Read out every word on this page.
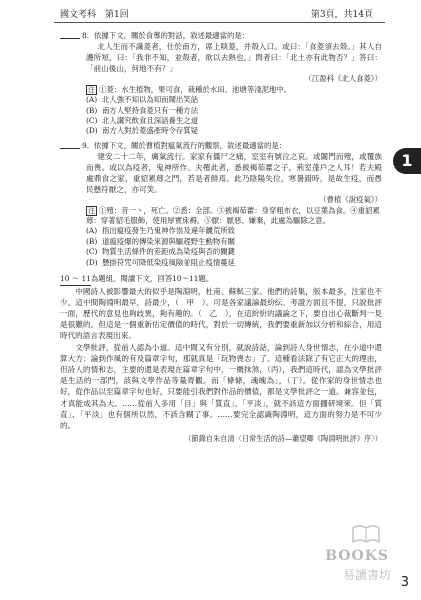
國文考科　第1回	第3頁，共14頁
1
8. 依據下文，關於食蓴的對話，敘述最適當的是：
北人生而不識菱者，仕於南方，席上啖菱，并殼入口。或曰：「食菱須去殼。」其人自護所短，曰：「我非不知，並殼者，欲以去熱也。」問者曰：「北土亦有此物否？」答曰：「前山後山，何地不有？」
（江盈科《北人食菱》）
注 ①菱：水生植物，果可食，栽種於水田、池塘等淺泥地中。
(A) 北人強不知以為知而鬧出笑話
(B) 南方人堅持食菱只有一種方法
(C) 北人講究飲食且深諳養生之道
(D) 南方人對於菱盛產時令存質疑
9. 依據下文，關於曹植對瘟氣流行的觀察，敘述最適當的是：
建安二十二年，癘氣流行。家家有僵尸之痛，室室有號泣之哀。或闔門而殪，或覆族而喪。或以為疫者，鬼神所作。夫罹此者，悉被褐茹藿之子，荊室蓬戶之人耳！若夫殿處鼎食之家，重貂累蓐之門，若是者鮮焉。此乃陰陽失位，寒暑錯時，是故生疫，而愚民懸符厭之，亦可笑。
（曹植《說疫氣》）
注 ①殪：音一丶，死亡。②悉：全部。③被褐茹藿：身穿粗布衣，以豆葉為食。④重貂累蓐：穿著貂毛服飾，使用厚實床褥。⑤厭：厭惡、嫌棄，此處為驅除之意。
(A) 指出瘟疫發生乃鬼神作祟及違年饑荒所致
(B) 道瘟疫爆的傳染來源與驅趕野生動物有關
(C) 物質生活條件的差距成為染疫與否的關鍵
(D) 懸掛符咒可降低染疫風險並阻止疫情蔓延
10 ～ 11為題組。閱讀下文，回答10～11題。

中國詩人被影響最大的似乎是陶淵明，杜甫、蘇軾三家。他們的詩集，版本最多，注家也不少。這中間陶淵明最早，詩最少，（　甲　）。可是各家議論最紛紜。考證方面且不提，只說批評一面，歷代的意見也夠歧異，夠有趣的。（　乙　），在這紛紛的議論之下，要自出心裁斷判一見是很難的。但這是一個重新估定價值的時代，對於一切傳統，我們要重新加以分析和綜合，用這時代的語言表現出來。

文學批評，從前人認為小道。這中間又有分別，就說詩話，論到詩人身世情志，在小道中還算大方；論到作風的有及篇章字句，那就真是「玩物喪志」了。這種看法除了有它正大的理由，但詩人的情和志，主要的還是表現在篇章字句中，一概抹煞，（丙），我們這時代，認為文學批評是生活的一部門，該與文學作品等量齊觀。而「條條，魂魄為」，（丁）。從作家的身世情志也好，從作品以至篇章字句也好，只要能引我們對作品的價值，都是文學批評之一道。兼容並包，才真能成其為大。……從前人多用「目」與「質直」、「平淡」，就不該這方面擱研境來。但「質直」、「平淡」也有個所以然，不該含糊了事。……要完全認識陶淵明，這方面的努力是不可少的。

（節錄自朱自清〈日常生活的詩—蕭望卿《陶淵明批評》序〉）
BOOKS
易讀書坊 3
